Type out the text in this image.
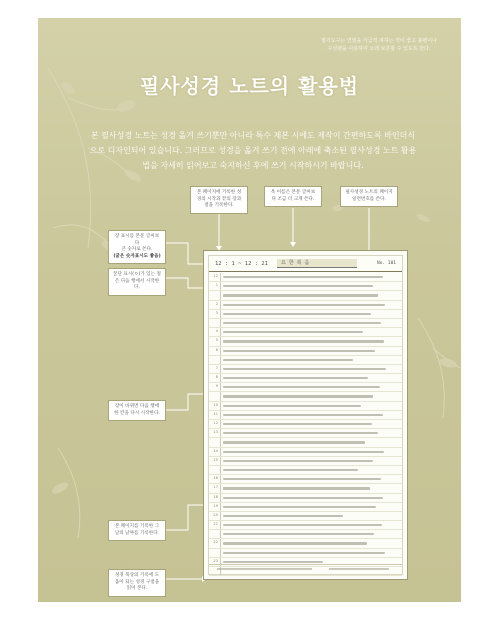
필기도구는 연필을 가급적 피하는 것이 좋고 볼펜이나 수성펜을 사용하여 오래 보존할 수 있도록 한다.
필사성경 노트의 활용법
본 필사성경 노트는 성경 옮겨 쓰기뿐만 아니라 특수 제본 시에도 제작이 간편하도록 바인더식으로 디자인되어 있습니다. 그러므로 성경을 옮겨 쓰기 전에 아래에 축소된 필사성경 노트 활용법을 자세히 읽어보고 숙지하신 후에 쓰기 시작하시기 바랍니다.
본 페이지에 기록한 성경의 시작과 끝의 장과 절을 기록한다.
옥 이름은 본문 글씨보다 조금 더 크게 쓴다.
필사성경 노트의 페이지 일련번호를 쓴다.
장 표시를 본문 글씨보다
큰 숫자로 쓴다.
(굵은 숫자표시도 좋음)
꿀단 표시(ㅇ)가 있는 절은 다음 행에서 시작한다.
장이 바뀌면 다음 행에 한 칸을 다시 시작한다.
본 페이지를 기록한 그 날의 날짜를 기록한다.
성경 묵상의 기록에 도움이 되는 성경 구절을 읽어 본다.
12 : 1 ~ 12 : 21	요 한 복 음	No. 101
12
1
2
3
4
5
6
7
8
9
10
11
12
13
14
15
16
17
18
19
20
21
22
23
